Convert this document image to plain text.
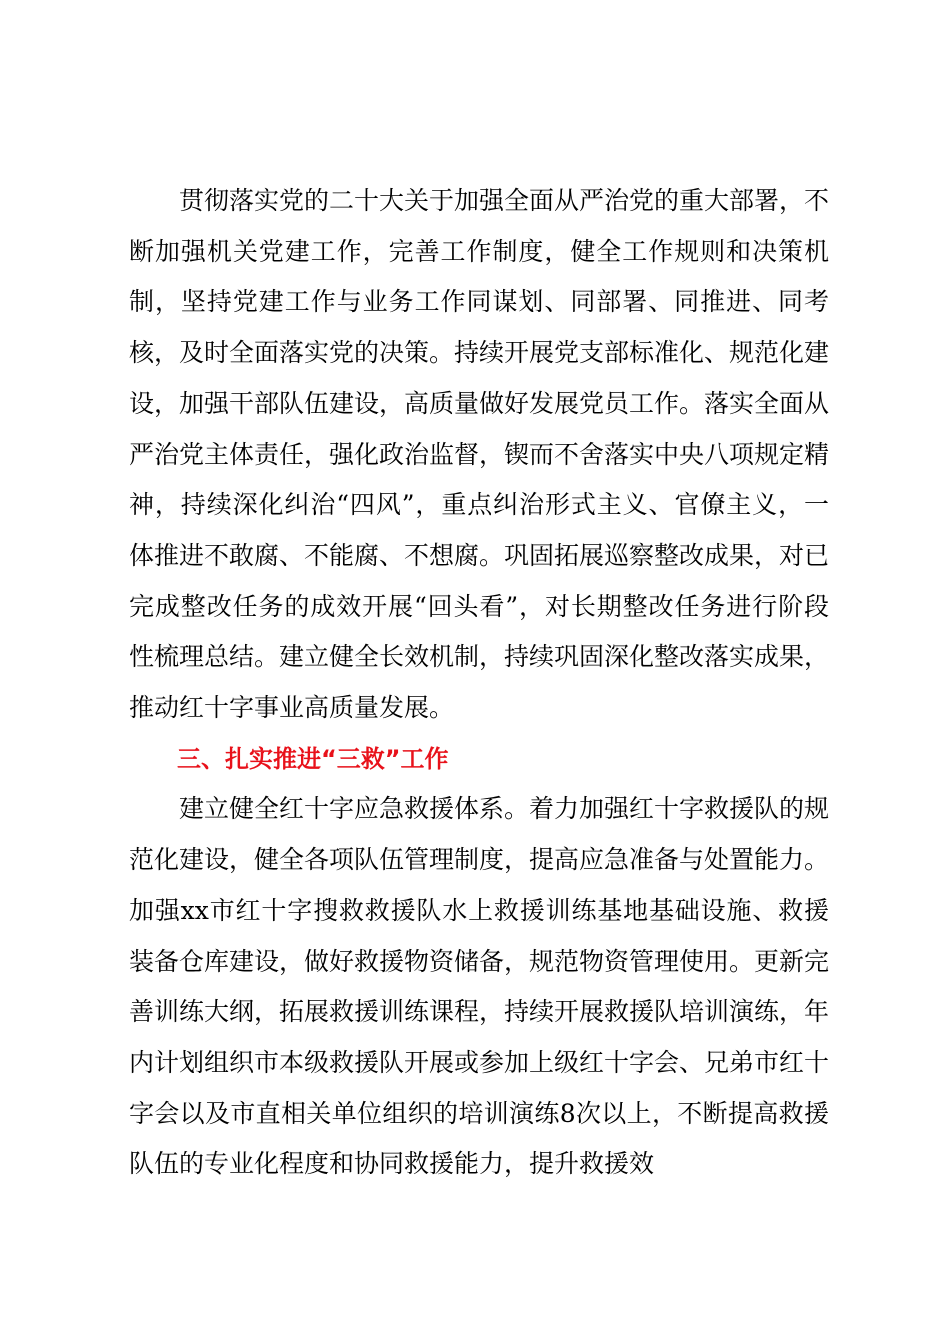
贯彻落实党的二十大关于加强全面从严治党的重大部署，不断加强机关党建工作，完善工作制度，健全工作规则和决策机制，坚持党建工作与业务工作同谋划、同部署、同推进、同考核，及时全面落实党的决策。持续开展党支部标准化、规范化建设，加强干部队伍建设，高质量做好发展党员工作。落实全面从严治党主体责任，强化政治监督，锲而不舍落实中央八项规定精神，持续深化纠治“四风”，重点纠治形式主义、官僚主义，一体推进不敢腐、不能腐、不想腐。巩固拓展巡察整改成果，对已完成整改任务的成效开展“回头看”，对长期整改任务进行阶段性梳理总结。建立健全长效机制，持续巩固深化整改落实成果，推动红十字事业高质量发展。

三、扎实推进“三救”工作

建立健全红十字应急救援体系。着力加强红十字救援队的规范化建设，健全各项队伍管理制度，提高应急准备与处置能力。加强xx市红十字搜救救援队水上救援训练基地基础设施、救援装备仓库建设，做好救援物资储备，规范物资管理使用。更新完善训练大纲，拓展救援训练课程，持续开展救援队培训演练，年内计划组织市本级救援队开展或参加上级红十字会、兄弟市红十字会以及市直相关单位组织的培训演练8次以上，不断提高救援队伍的专业化程度和协同救援能力，提升救援效
